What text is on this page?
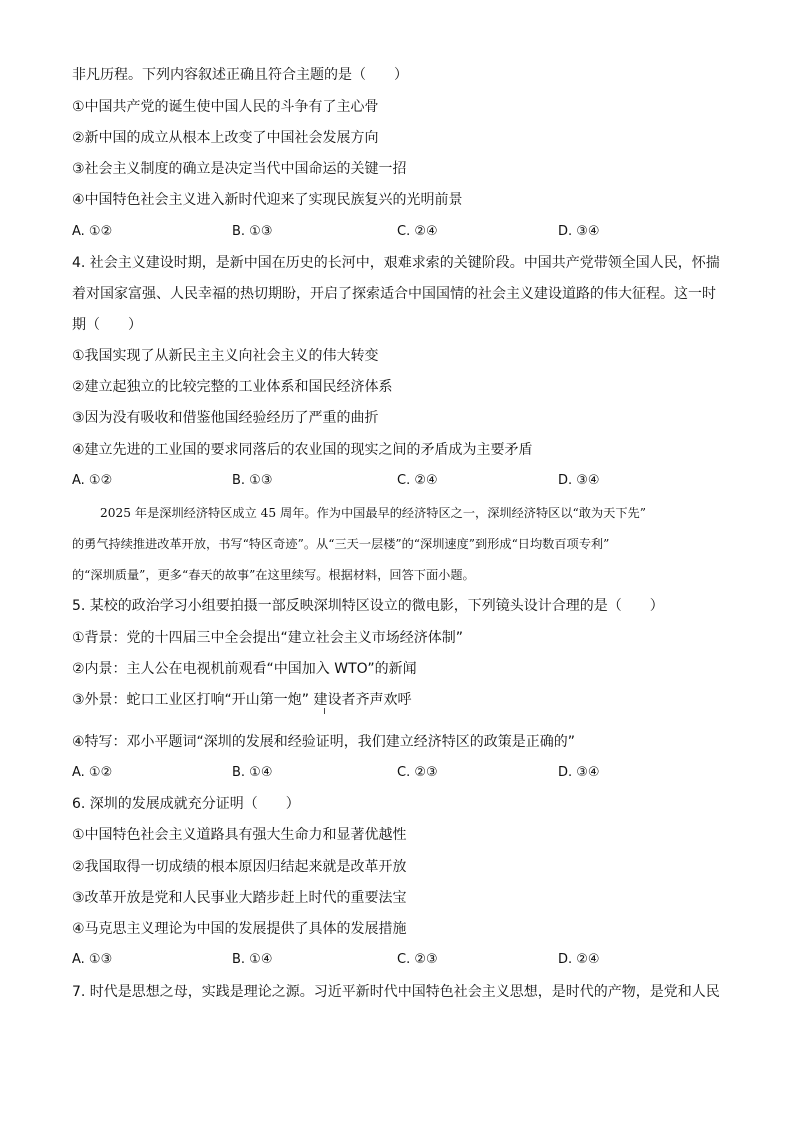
非凡历程。下列内容叙述正确且符合主题的是（　　）
①中国共产党的诞生使中国人民的斗争有了主心骨
②新中国的成立从根本上改变了中国社会发展方向
③社会主义制度的确立是决定当代中国命运的关键一招
④中国特色社会主义进入新时代迎来了实现民族复兴的光明前景
A. ①②	B. ①③	C. ②④	D. ③④
4. 社会主义建设时期，是新中国在历史的长河中，艰难求索的关键阶段。中国共产党带领全国人民，怀揣
着对国家富强、人民幸福的热切期盼，开启了探索适合中国国情的社会主义建设道路的伟大征程。这一时
期（　　）
①我国实现了从新民主主义向社会主义的伟大转变
②建立起独立的比较完整的工业体系和国民经济体系
③因为没有吸收和借鉴他国经验经历了严重的曲折
④建立先进的工业国的要求同落后的农业国的现实之间的矛盾成为主要矛盾
A. ①②	B. ①③	C. ②④	D. ③④
2025 年是深圳经济特区成立 45 周年。作为中国最早的经济特区之一，深圳经济特区以“敢为天下先”
的勇气持续推进改革开放，书写“特区奇迹”。从“三天一层楼”的“深圳速度”到形成“日均数百项专利”
的“深圳质量”，更多“春天的故事”在这里续写。根据材料，回答下面小题。
5. 某校的政治学习小组要拍摄一部反映深圳特区设立的微电影，下列镜头设计合理的是（　　）
①背景：党的十四届三中全会提出“建立社会主义市场经济体制”
②内景：主人公在电视机前观看“中国加入 WTO”的新闻
③外景：蛇口工业区打响“开山第一炮” 建设者齐声欢呼
④特写：邓小平题词“深圳的发展和经验证明，我们建立经济特区的政策是正确的”
A. ①②	B. ①④	C. ②③	D. ③④
6. 深圳的发展成就充分证明（　　）
①中国特色社会主义道路具有强大生命力和显著优越性
②我国取得一切成绩的根本原因归结起来就是改革开放
③改革开放是党和人民事业大踏步赶上时代的重要法宝
④马克思主义理论为中国的发展提供了具体的发展措施
A. ①③	B. ①④	C. ②③	D. ②④
7. 时代是思想之母，实践是理论之源。习近平新时代中国特色社会主义思想，是时代的产物，是党和人民
